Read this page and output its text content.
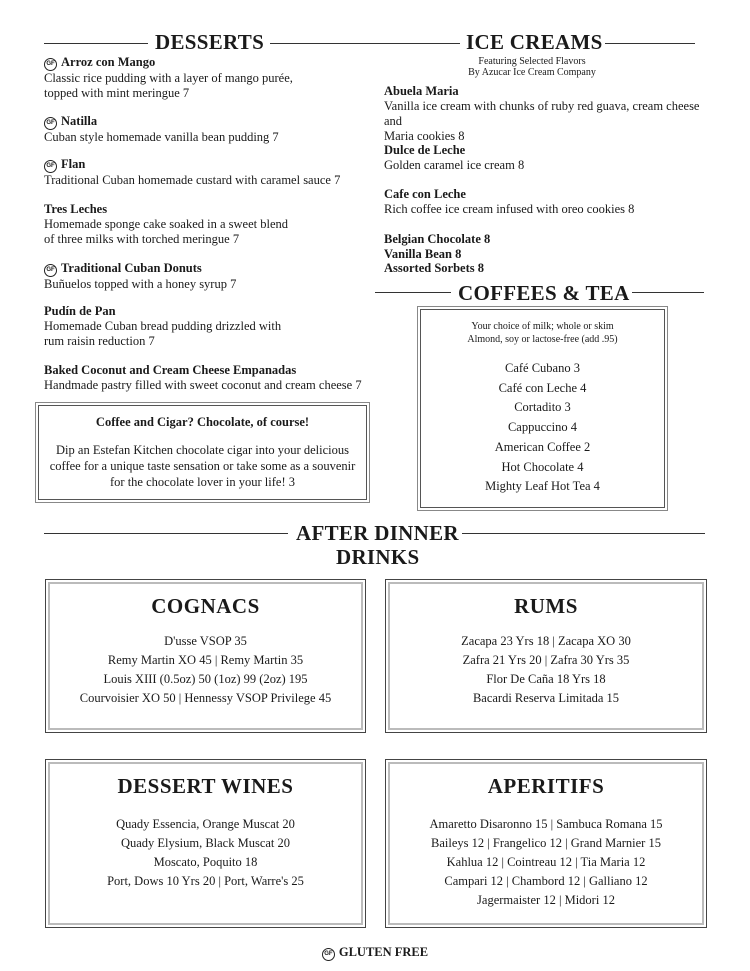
DESSERTS
GF Arroz con Mango
Classic rice pudding with a layer of mango purée,
topped with mint meringue 7
GF Natilla
Cuban style homemade vanilla bean pudding 7
GF Flan
Traditional Cuban homemade custard with caramel sauce 7
Tres Leches
Homemade sponge cake soaked in a sweet blend
of three milks with torched meringue 7
GF Traditional Cuban Donuts
Buñuelos topped with a honey syrup 7
Pudín de Pan
Homemade Cuban bread pudding drizzled with
rum raisin reduction 7
Baked Coconut and Cream Cheese Empanadas
Handmade pastry filled with sweet coconut and cream cheese 7
Coffee and Cigar? Chocolate, of course!
Dip an Estefan Kitchen chocolate cigar into your delicious
coffee for a unique taste sensation or take some as a souvenir
for the chocolate lover in your life! 3
ICE CREAMS
Featuring Selected Flavors
By Azucar Ice Cream Company
Abuela Maria
Vanilla ice cream with chunks of ruby red guava, cream cheese and
Maria cookies 8
Dulce de Leche
Golden caramel ice cream 8
Cafe con Leche
Rich coffee ice cream infused with oreo cookies 8
Belgian Chocolate 8
Vanilla Bean 8
Assorted Sorbets 8
COFFEES & TEA
Your choice of milk; whole or skim
Almond, soy or lactose-free (add .95)
Café Cubano 3
Café con Leche 4
Cortadito 3
Cappuccino 4
American Coffee 2
Hot Chocolate 4
Mighty Leaf Hot Tea 4
AFTER DINNER
DRINKS
COGNACS
D'usse VSOP 35
Remy Martin XO 45 | Remy Martin 35
Louis XIII (0.5oz) 50 (1oz) 99 (2oz) 195
Courvoisier XO 50 | Hennessy VSOP Privilege 45
RUMS
Zacapa 23 Yrs 18 | Zacapa XO 30
Zafra 21 Yrs 20 | Zafra 30 Yrs 35
Flor De Caña 18 Yrs 18
Bacardi Reserva Limitada 15
DESSERT WINES
Quady Essencia, Orange Muscat 20
Quady Elysium, Black Muscat 20
Moscato, Poquito 18
Port, Dows 10 Yrs 20 | Port, Warre's 25
APERITIFS
Amaretto Disaronno 15 | Sambuca Romana 15
Baileys 12 | Frangelico 12 | Grand Marnier 15
Kahlua 12 | Cointreau 12 | Tia Maria 12
Campari 12 | Chambord 12 | Galliano 12
Jagermaister 12 | Midori 12
GF GLUTEN FREE
